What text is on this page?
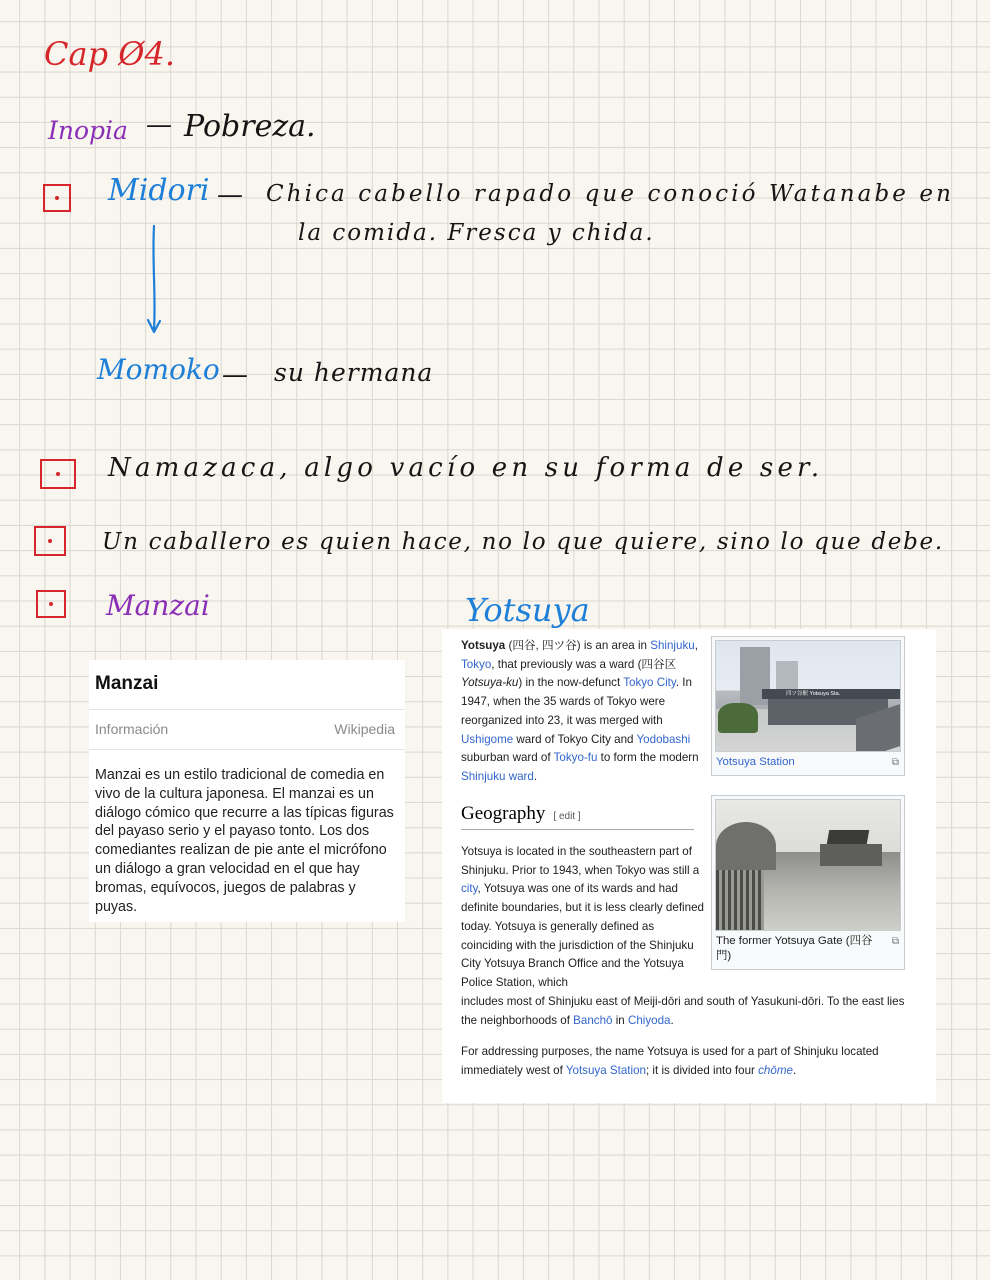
Cap Ø4.
Inopia — Pobreza.
Midori — Chica cabello rapado que conoció Watanabe en
la comida. Fresca y chida.
Momoko — su hermana
Namazaca, algo vacío en su forma de ser.
Un caballero es quien hace, no lo que quiere, sino lo que debe.
Manzai	Yotsuya
Manzai
Información	Wikipedia
Manzai es un estilo tradicional de comedia en vivo de la cultura japonesa. El manzai es un diálogo cómico que recurre a las típicas figuras del payaso serio y el payaso tonto. Los dos comediantes realizan de pie ante el micrófono un diálogo a gran velocidad en el que hay bromas, equívocos, juegos de palabras y puyas.
Yotsuya (四谷, 四ツ谷) is an area in Shinjuku, Tokyo, that previously was a ward (四谷区 Yotsuya-ku) in the now-defunct Tokyo City. In 1947, when the 35 wards of Tokyo were reorganized into 23, it was merged with Ushigome ward of Tokyo City and Yodobashi suburban ward of Tokyo-fu to form the modern Shinjuku ward.
四ツ谷駅 Yotsuya Sta.
Yotsuya Station	⧉
Geography [ edit ]
The former Yotsuya Gate (四谷門)
⧉
Yotsuya is located in the southeastern part of Shinjuku. Prior to 1943, when Tokyo was still a city, Yotsuya was one of its wards and had definite boundaries, but it is less clearly defined today. Yotsuya is generally defined as coinciding with the jurisdiction of the Shinjuku City Yotsuya Branch Office and the Yotsuya Police Station, which
includes most of Shinjuku east of Meiji-dōri and south of Yasukuni-dōri. To the east lies the neighborhoods of Banchō in Chiyoda.
For addressing purposes, the name Yotsuya is used for a part of Shinjuku located immediately west of Yotsuya Station; it is divided into four chōme.
